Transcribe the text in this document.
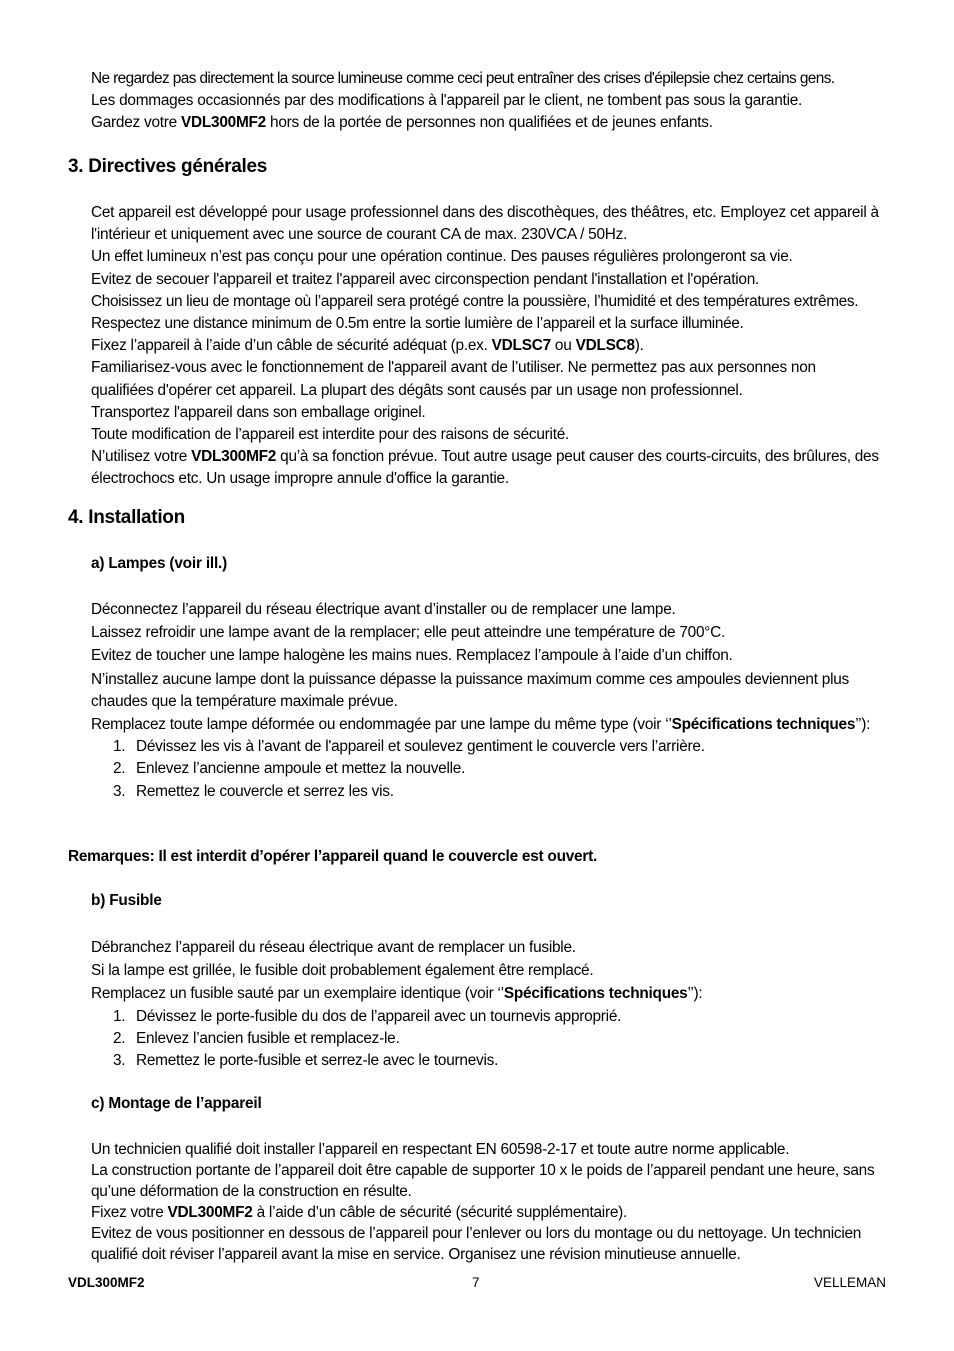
Ne regardez pas directement la source lumineuse comme ceci peut entraîner des crises d'épilepsie chez certains gens.

Les dommages occasionnés par des modifications à l'appareil par le client, ne tombent pas sous la garantie.

Gardez votre VDL300MF2 hors de la portée de personnes non qualifiées et de jeunes enfants.

3. Directives générales

Cet appareil est développé pour usage professionnel dans des discothèques, des théâtres, etc. Employez cet appareil à l'intérieur et uniquement avec une source de courant CA de max. 230VCA / 50Hz.

Un effet lumineux n’est pas conçu pour une opération continue. Des pauses régulières prolongeront sa vie.

Evitez de secouer l'appareil et traitez l'appareil avec circonspection pendant l'installation et l'opération.

Choisissez un lieu de montage où l’appareil sera protégé contre la poussière, l’humidité et des températures extrêmes. Respectez une distance minimum de 0.5m entre la sortie lumière de l’appareil et la surface illuminée.

Fixez l’appareil à l’aide d’un câble de sécurité adéquat (p.ex. VDLSC7 ou VDLSC8).

Familiarisez-vous avec le fonctionnement de l'appareil avant de l’utiliser. Ne permettez pas aux personnes non qualifiées d'opérer cet appareil. La plupart des dégâts sont causés par un usage non professionnel.

Transportez l'appareil dans son emballage originel.

Toute modification de l’appareil est interdite pour des raisons de sécurité.

N’utilisez votre VDL300MF2 qu’à sa fonction prévue. Tout autre usage peut causer des courts-circuits, des brûlures, des électrochocs etc. Un usage impropre annule d'office la garantie.

4. Installation
a) Lampes (voir ill.)

Déconnectez l’appareil du réseau électrique avant d’installer ou de remplacer une lampe.

Laissez refroidir une lampe avant de la remplacer; elle peut atteindre une température de 700°C.

Evitez de toucher une lampe halogène les mains nues. Remplacez l’ampoule à l’aide d’un chiffon.

N’installez aucune lampe dont la puissance dépasse la puissance maximum comme ces ampoules deviennent plus chaudes que la température maximale prévue.

Remplacez toute lampe déformée ou endommagée par une lampe du même type (voir ‘’Spécifications techniques’’):

1. Dévissez les vis à l’avant de l'appareil et soulevez gentiment le couvercle vers l’arrière.
2. Enlevez l’ancienne ampoule et mettez la nouvelle.
3. Remettez le couvercle et serrez les vis.
Remarques: Il est interdit d’opérer l’appareil quand le couvercle est ouvert.
b) Fusible

Débranchez l’appareil du réseau électrique avant de remplacer un fusible.

Si la lampe est grillée, le fusible doit probablement également être remplacé.

Remplacez un fusible sauté par un exemplaire identique (voir ‘’Spécifications techniques’’):

1. Dévissez le porte-fusible du dos de l’appareil avec un tournevis approprié.
2. Enlevez l’ancien fusible et remplacez-le.
3. Remettez le porte-fusible et serrez-le avec le tournevis.
c) Montage de l’appareil

Un technicien qualifié doit installer l’appareil en respectant EN 60598-2-17 et toute autre norme applicable.

La construction portante de l’appareil doit être capable de supporter 10 x le poids de l’appareil pendant une heure, sans qu’une déformation de la construction en résulte.

Fixez votre VDL300MF2 à l’aide d’un câble de sécurité (sécurité supplémentaire).

Evitez de vous positionner en dessous de l’appareil pour l’enlever ou lors du montage ou du nettoyage. Un technicien qualifié doit réviser l’appareil avant la mise en service. Organisez une révision minutieuse annuelle.

VDL300MF2	7	VELLEMAN
